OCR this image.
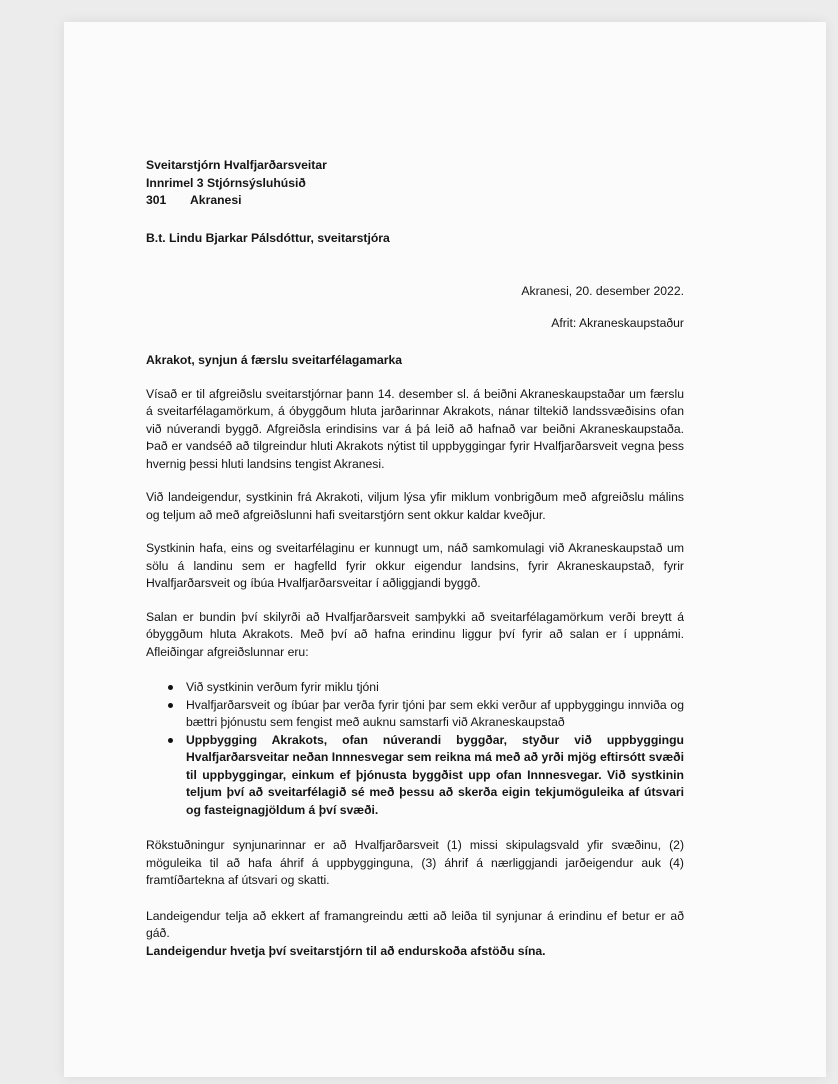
Sveitarstjórn Hvalfjarðarsveitar
Innrimel 3 Stjórnsýsluhúsið
301 Akranesi
B.t. Lindu Bjarkar Pálsdóttur, sveitarstjóra
Akranesi, 20. desember 2022.
Afrit: Akraneskaupstaður
Akrakot, synjun á færslu sveitarfélagamarka

Vísað er til afgreiðslu sveitarstjórnar þann 14. desember sl. á beiðni Akraneskaupstaðar um færslu á sveitarfélagamörkum, á óbyggðum hluta jarðarinnar Akrakots, nánar tiltekið landssvæðisins ofan við núverandi byggð. Afgreiðsla erindisins var á þá leið að hafnað var beiðni Akraneskaupstaða. Það er vandséð að tilgreindur hluti Akrakots nýtist til uppbyggingar fyrir Hvalfjarðarsveit vegna þess hvernig þessi hluti landsins tengist Akranesi.

Við landeigendur, systkinin frá Akrakoti, viljum lýsa yfir miklum vonbrigðum með afgreiðslu málins og teljum að með afgreiðslunni hafi sveitarstjórn sent okkur kaldar kveðjur.

Systkinin hafa, eins og sveitarfélaginu er kunnugt um, náð samkomulagi við Akraneskaupstað um sölu á landinu sem er hagfelld fyrir okkur eigendur landsins, fyrir Akraneskaupstað, fyrir Hvalfjarðarsveit og íbúa Hvalfjarðarsveitar í aðliggjandi byggð.

Salan er bundin því skilyrði að Hvalfjarðarsveit samþykki að sveitarfélagamörkum verði breytt á óbyggðum hluta Akrakots. Með því að hafna erindinu liggur því fyrir að salan er í uppnámi. Afleiðingar afgreiðslunnar eru:

Við systkinin verðum fyrir miklu tjóni
Hvalfjarðarsveit og íbúar þar verða fyrir tjóni þar sem ekki verður af uppbyggingu innviða og bættri þjónustu sem fengist með auknu samstarfi við Akraneskaupstað
Uppbygging Akrakots, ofan núverandi byggðar, styður við uppbyggingu Hvalfjarðarsveitar neðan Innnesvegar sem reikna má með að yrði mjög eftirsótt svæði til uppbyggingar, einkum ef þjónusta byggðist upp ofan Innnesvegar. Við systkinin teljum því að sveitarfélagið sé með þessu að skerða eigin tekjumöguleika af útsvari og fasteignagjöldum á því svæði.

Rökstuðningur synjunarinnar er að Hvalfjarðarsveit (1) missi skipulagsvald yfir svæðinu, (2) möguleika til að hafa áhrif á uppbygginguna, (3) áhrif á nærliggjandi jarðeigendur auk (4) framtíðartekna af útsvari og skatti.

Landeigendur telja að ekkert af framangreindu ætti að leiða til synjunar á erindinu ef betur er að gáð.
Landeigendur hvetja því sveitarstjórn til að endurskoða afstöðu sína.
